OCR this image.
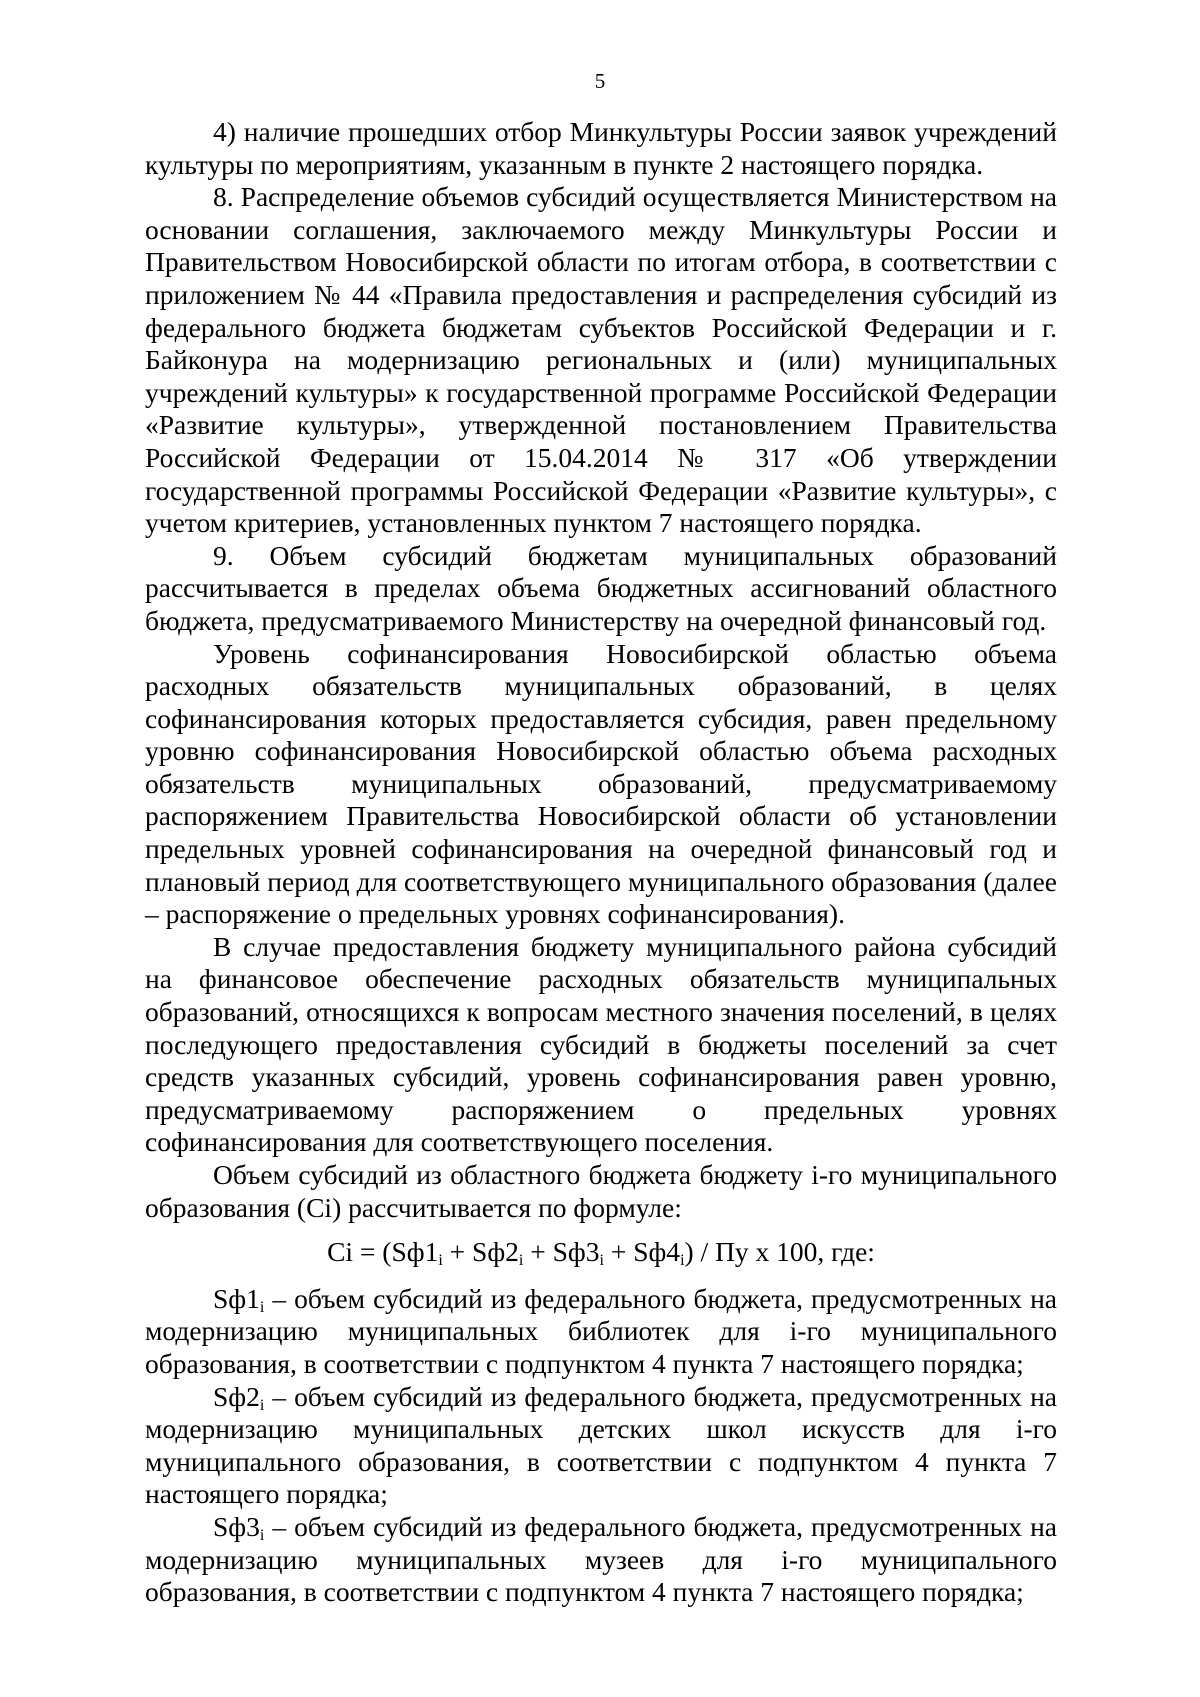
5

4) наличие прошедших отбор Минкультуры России заявок учреждений культуры по мероприятиям, указанным в пункте 2 настоящего порядка.

8. Распределение объемов субсидий осуществляется Министерством на основании соглашения, заключаемого между Минкультуры России и Правительством Новосибирской области по итогам отбора, в соответствии с приложением № 44 «Правила предоставления и распределения субсидий из федерального бюджета бюджетам субъектов Российской Федерации и г. Байконура на модернизацию региональных и (или) муниципальных учреждений культуры» к государственной программе Российской Федерации «Развитие культуры», утвержденной постановлением Правительства Российской Федерации от 15.04.2014 № 317 «Об утверждении государственной программы Российской Федерации «Развитие культуры», с учетом критериев, установленных пунктом 7 настоящего порядка.

9. Объем субсидий бюджетам муниципальных образований рассчитывается в пределах объема бюджетных ассигнований областного бюджета, предусматриваемого Министерству на очередной финансовый год.

Уровень софинансирования Новосибирской областью объема расходных обязательств муниципальных образований, в целях софинансирования которых предоставляется субсидия, равен предельному уровню софинансирования Новосибирской областью объема расходных обязательств муниципальных образований, предусматриваемому распоряжением Правительства Новосибирской области об установлении предельных уровней софинансирования на очередной финансовый год и плановый период для соответствующего муниципального образования (далее – распоряжение о предельных уровнях софинансирования).

В случае предоставления бюджету муниципального района субсидий на финансовое обеспечение расходных обязательств муниципальных образований, относящихся к вопросам местного значения поселений, в целях последующего предоставления субсидий в бюджеты поселений за счет средств указанных субсидий, уровень софинансирования равен уровню, предусматриваемому распоряжением о предельных уровнях софинансирования для соответствующего поселения.

Объем субсидий из областного бюджета бюджету i-го муниципального образования (Ci) рассчитывается по формуле:

$Ci = (Sф1_i + Sф2_i + Sф3_i + Sф4_i)$ / Пу х 100, где:

$Sф1_i$ – объем субсидий из федерального бюджета, предусмотренных на модернизацию муниципальных библиотек для i-го муниципального образования, в соответствии с подпунктом 4 пункта 7 настоящего порядка;

$Sф2_i$ – объем субсидий из федерального бюджета, предусмотренных на модернизацию муниципальных детских школ искусств для i-го муниципального образования, в соответствии с подпунктом 4 пункта 7 настоящего порядка;

$Sф3_i$ – объем субсидий из федерального бюджета, предусмотренных на модернизацию муниципальных музеев для i-го муниципального образования, в соответствии с подпунктом 4 пункта 7 настоящего порядка;
